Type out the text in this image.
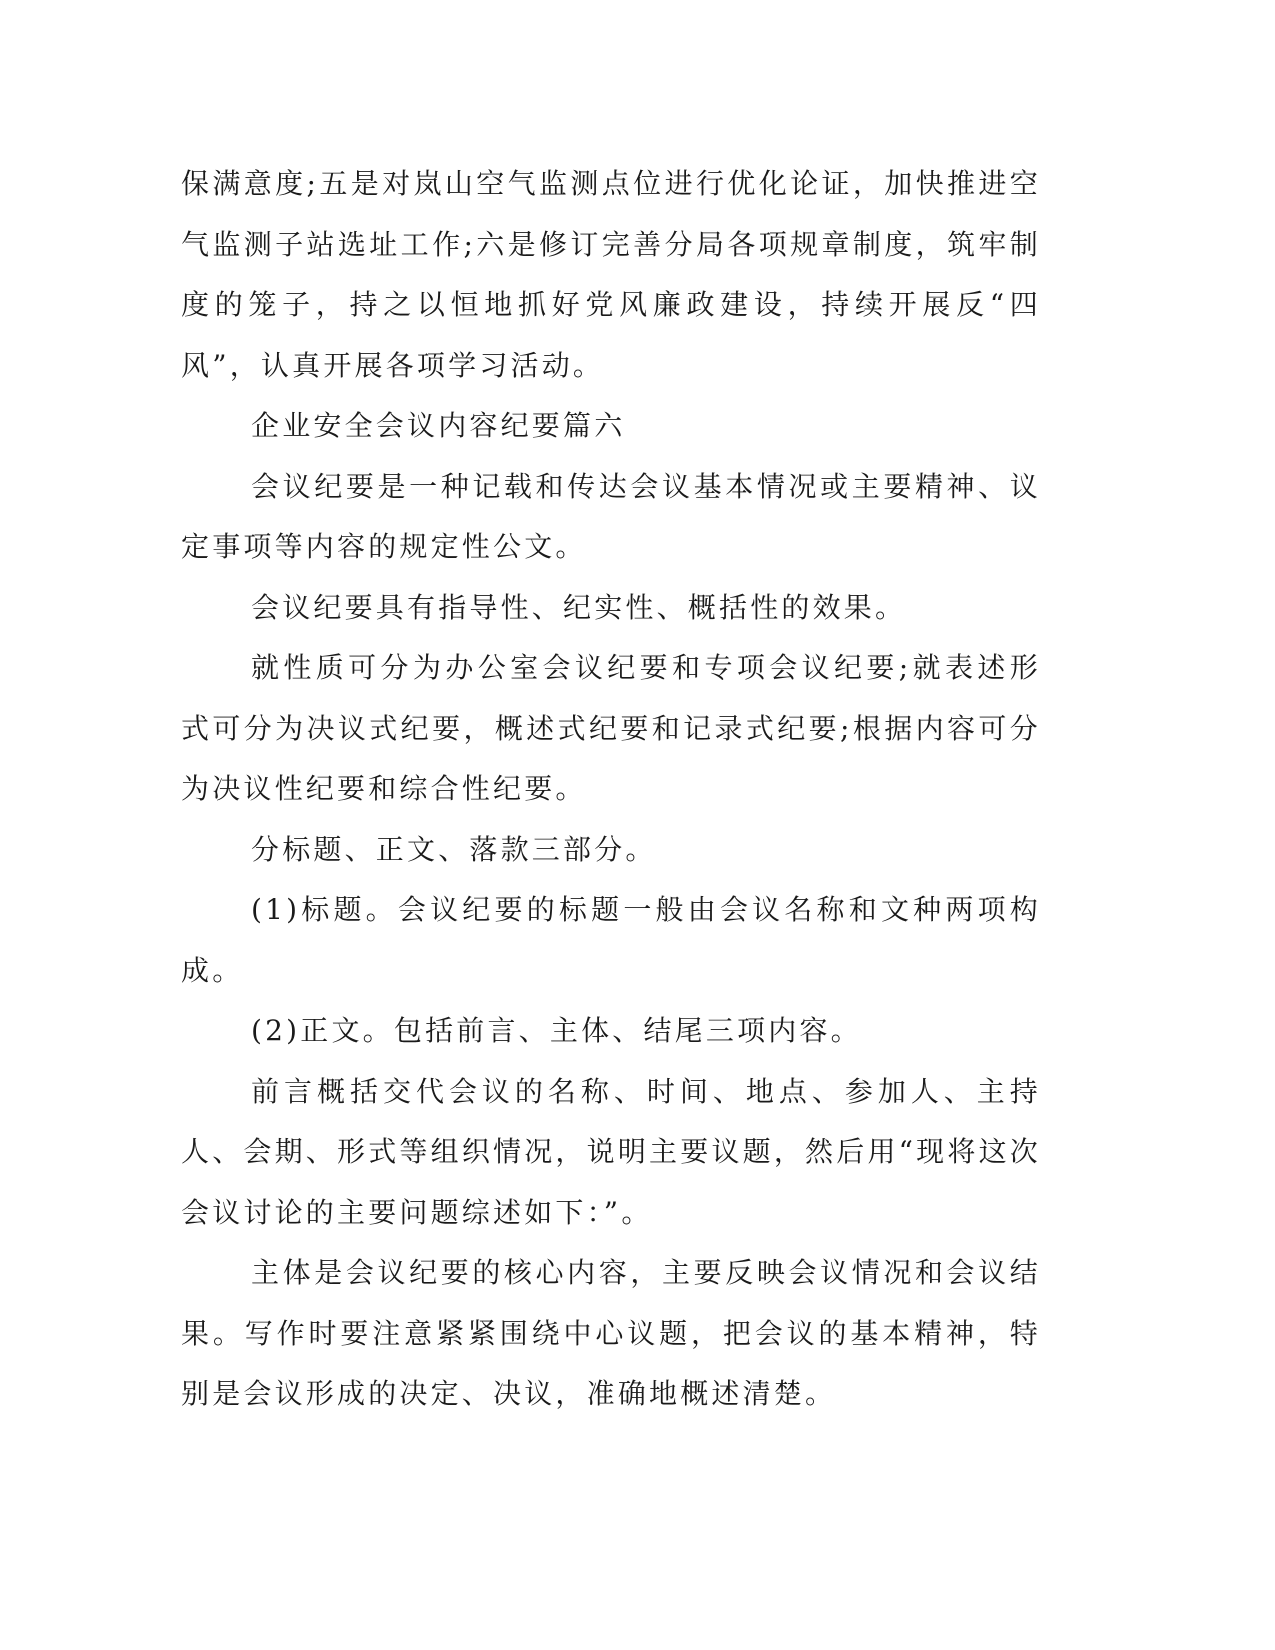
保满意度;五是对岚山空气监测点位进行优化论证，加快推进空气监测子站选址工作;六是修订完善分局各项规章制度，筑牢制度的笼子，持之以恒地抓好党风廉政建设，持续开展反“四风”，认真开展各项学习活动。

企业安全会议内容纪要篇六

会议纪要是一种记载和传达会议基本情况或主要精神、议定事项等内容的规定性公文。

会议纪要具有指导性、纪实性、概括性的效果。

就性质可分为办公室会议纪要和专项会议纪要;就表述形式可分为决议式纪要，概述式纪要和记录式纪要;根据内容可分为决议性纪要和综合性纪要。

分标题、正文、落款三部分。

(1)标题。会议纪要的标题一般由会议名称和文种两项构成。

(2)正文。包括前言、主体、结尾三项内容。

前言概括交代会议的名称、时间、地点、参加人、主持人、会期、形式等组织情况，说明主要议题，然后用“现将这次会议讨论的主要问题综述如下：”。

主体是会议纪要的核心内容，主要反映会议情况和会议结果。写作时要注意紧紧围绕中心议题，把会议的基本精神，特别是会议形成的决定、决议，准确地概述清楚。
